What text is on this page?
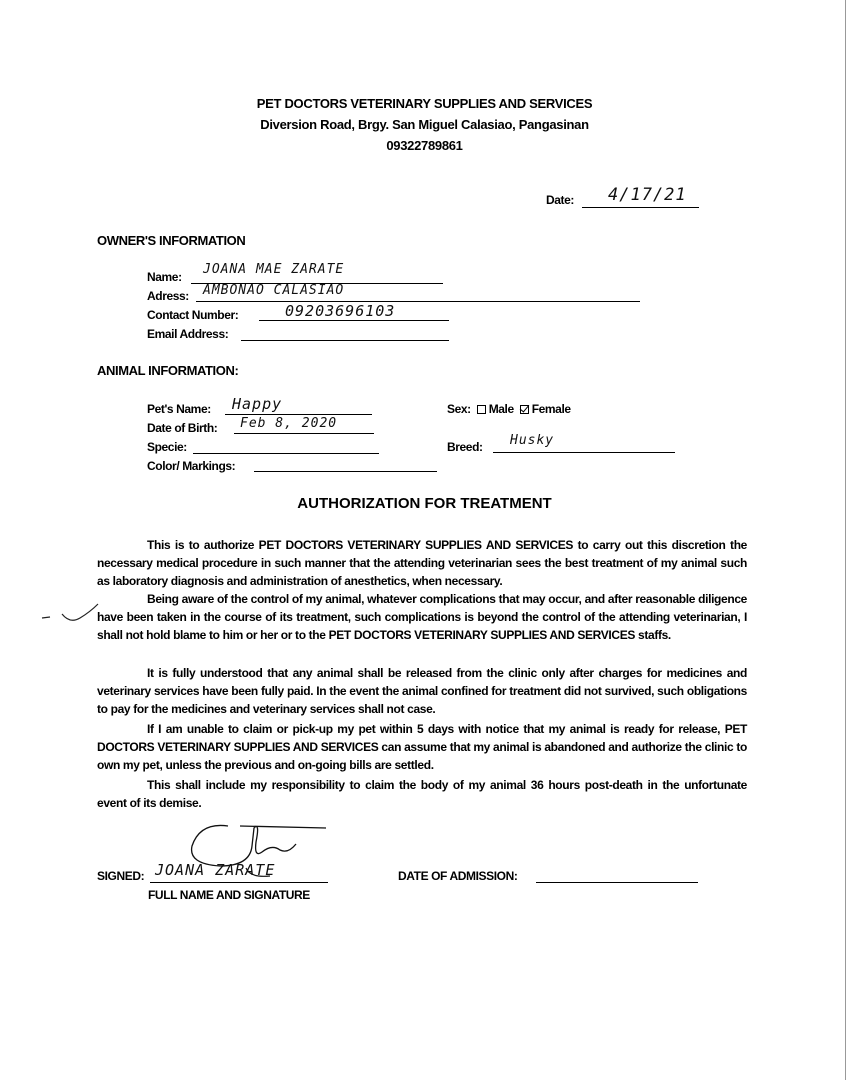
PET DOCTORS VETERINARY SUPPLIES AND SERVICES
Diversion Road, Brgy. San Miguel Calasiao, Pangasinan
09322789861
Date: 4/17/21
OWNER'S INFORMATION
Name: JOANA MAE ZARATE
Adress: AMBONAO CALASIAO
Contact Number:	09203696103
Email Address:
ANIMAL INFORMATION:
Pet's Name: Happy	Sex: Male Female
Date of Birth: Feb 8, 2020
Specie:	Breed: Husky
Color/ Markings:
AUTHORIZATION FOR TREATMENT
This is to authorize PET DOCTORS VETERINARY SUPPLIES AND SERVICES to carry out this discretion the necessary medical procedure in such manner that the attending veterinarian sees the best treatment of my animal such as laboratory diagnosis and administration of anesthetics, when necessary.
Being aware of the control of my animal, whatever complications that may occur, and after reasonable diligence have been taken in the course of its treatment, such complications is beyond the control of the attending veterinarian, I shall not hold blame to him or her or to the PET DOCTORS VETERINARY SUPPLIES AND SERVICES staffs.
It is fully understood that any animal shall be released from the clinic only after charges for medicines and veterinary services have been fully paid. In the event the animal confined for treatment did not survived, such obligations to pay for the medicines and veterinary services shall not case.
If I am unable to claim or pick-up my pet within 5 days with notice that my animal is ready for release, PET DOCTORS VETERINARY SUPPLIES AND SERVICES can assume that my animal is abandoned and authorize the clinic to own my pet, unless the previous and on-going bills are settled.
This shall include my responsibility to claim the body of my animal 36 hours post-death in the unfortunate event of its demise.
SIGNED: JOANA ZARATE
FULL NAME AND SIGNATURE
DATE OF ADMISSION:
